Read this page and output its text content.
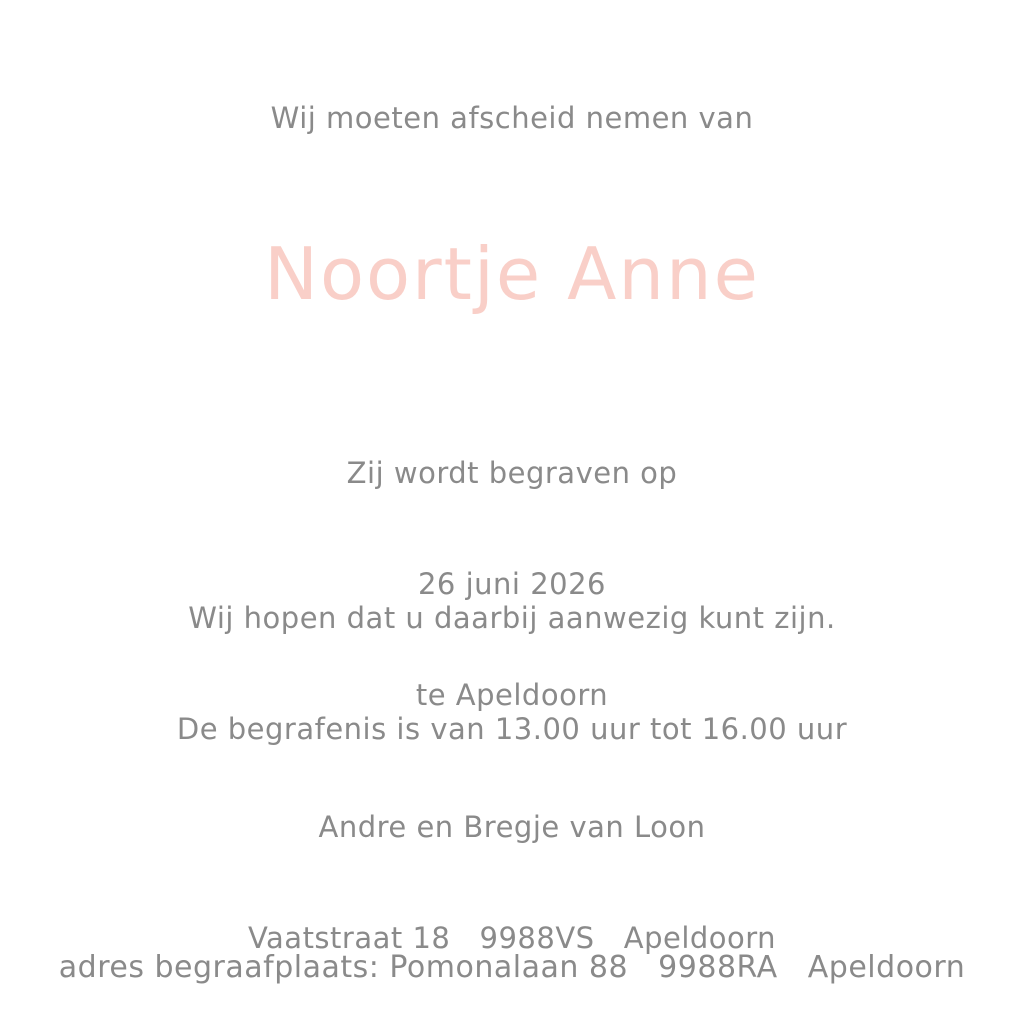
Wij moeten afscheid nemen van
Noortje Anne

Zij wordt begraven op

26 juni 2026

te Apeldoorn

Wij hopen dat u daarbij aanwezig kunt zijn.

De begrafenis is van 13.00 uur tot 16.00 uur

Andre en Bregje van Loon

Vaatstraat 18   9988VS   Apeldoorn

adres begraafplaats: Pomonalaan 88   9988RA   Apeldoorn
